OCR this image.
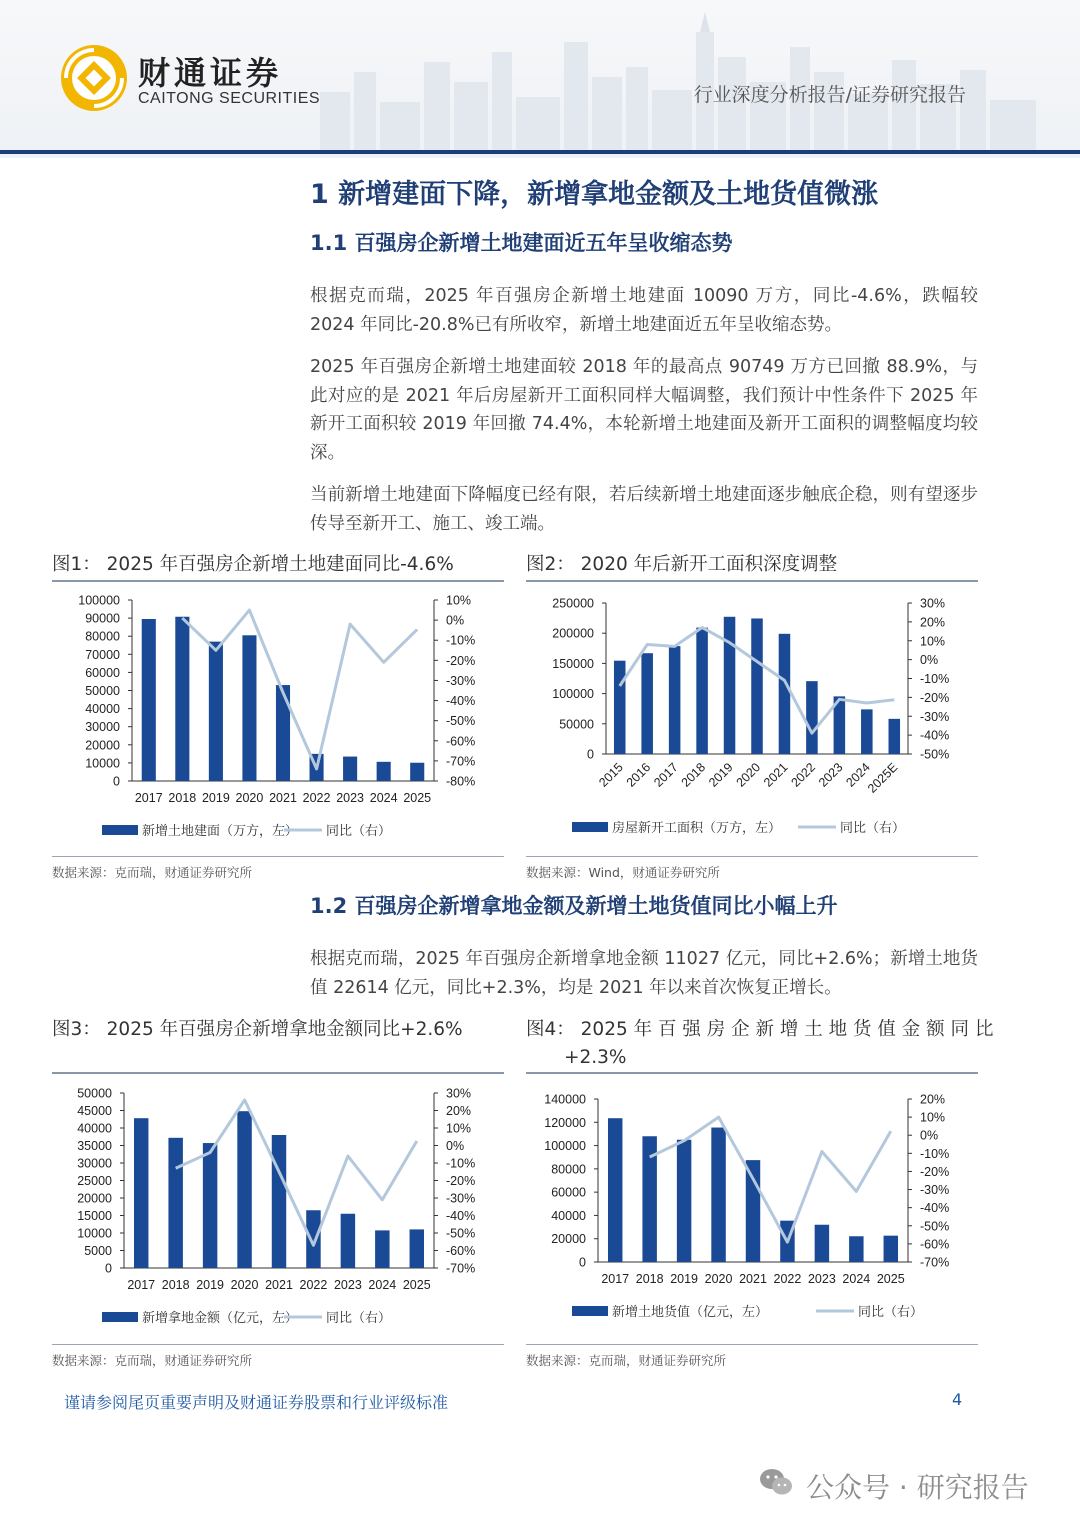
财通证券
CAITONG SECURITIES	行业深度分析报告/证券研究报告
1 新增建面下降，新增拿地金额及土地货值微涨
1.1 百强房企新增土地建面近五年呈收缩态势
根据克而瑞，2025 年百强房企新增土地建面 10090 万方，同比-4.6%，跌幅较 2024 年同比-20.8%已有所收窄，新增土地建面近五年呈收缩态势。
2025 年百强房企新增土地建面较 2018 年的最高点 90749 万方已回撤 88.9%，与此对应的是 2021 年后房屋新开工面积同样大幅调整，我们预计中性条件下 2025 年新开工面积较 2019 年回撤 74.4%，本轮新增土地建面及新开工面积的调整幅度均较深。
当前新增土地建面下降幅度已经有限，若后续新增土地建面逐步触底企稳，则有望逐步传导至新开工、施工、竣工端。
图1： 2025 年百强房企新增土地建面同比-4.6%	图2： 2020 年后新开工面积深度调整
100000
90000
80000
70000
60000
50000
40000
30000
20000
10000
0
10%
0%
-10%
-20%
-30%
-40%
-50%
-60%
-70%
-80%
2017 2018 2019 2020 2021 2022 2023 2024 2025
新增土地建面（万方，左） 同比（右）
250000
200000
150000
100000
50000
0
30%
20%
10%
0%
-10%
-20%
-30%
-40%
-50%
2015
2016
2017
2018
2019
2020
2021
2022
2023
2024
2025E
房屋新开工面积（万方，左）	同比（右）
数据来源：克而瑞，财通证券研究所	数据来源：Wind，财通证券研究所
1.2 百强房企新增拿地金额及新增土地货值同比小幅上升
根据克而瑞，2025 年百强房企新增拿地金额 11027 亿元，同比+2.6%；新增土地货值 22614 亿元，同比+2.3%，均是 2021 年以来首次恢复正增长。
图3： 2025 年百强房企新增拿地金额同比+2.6%	图4： 2025 年 百 强 房 企 新 增 土 地 货 值 金 额 同 比
+2.3%
50000
45000
40000
35000
30000
25000
20000
15000
10000
5000
0
30%
20%
10%
0%
-10%
-20%
-30%
-40%
-50%
-60%
-70%
2017 2018 2019 2020 2021 2022 2023 2024 2025
新增拿地金额（亿元，左） 同比（右）
140000
120000
100000
80000
60000
40000
20000
0
20%
10%
0%
-10%
-20%
-30%
-40%
-50%
-60%
-70%
2017 2018 2019 2020 2021 2022 2023 2024 2025
新增土地货值（亿元，左）	同比（右）
数据来源：克而瑞，财通证券研究所	数据来源：克而瑞，财通证券研究所
谨请参阅尾页重要声明及财通证券股票和行业评级标准	4
公众号 · 研究报告
